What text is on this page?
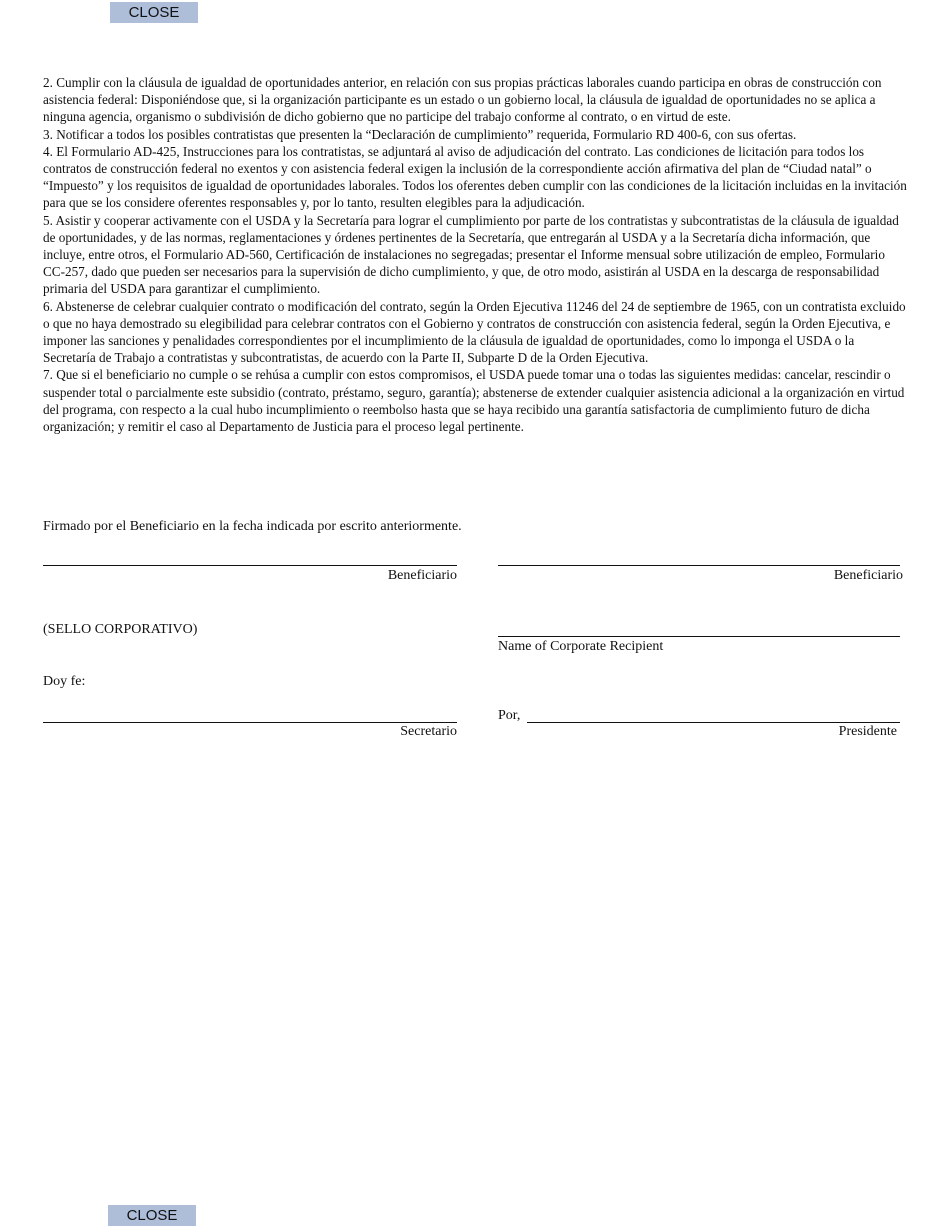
CLOSE

2. Cumplir con la cláusula de igualdad de oportunidades anterior, en relación con sus propias prácticas laborales cuando participa en obras de construcción con asistencia federal: Disponiéndose que, si la organización participante es un estado o un gobierno local, la cláusula de igualdad de oportunidades no se aplica a ninguna agencia, organismo o subdivisión de dicho gobierno que no participe del trabajo conforme al contrato, o en virtud de este.

3. Notificar a todos los posibles contratistas que presenten la “Declaración de cumplimiento” requerida, Formulario RD 400-6, con sus ofertas.

4. El Formulario AD-425, Instrucciones para los contratistas, se adjuntará al aviso de adjudicación del contrato. Las condiciones de licitación para todos los contratos de construcción federal no exentos y con asistencia federal exigen la inclusión de la correspondiente acción afirmativa del plan de “Ciudad natal” o “Impuesto” y los requisitos de igualdad de oportunidades laborales. Todos los oferentes deben cumplir con las condiciones de la licitación incluidas en la invitación para que se los considere oferentes responsables y, por lo tanto, resulten elegibles para la adjudicación.

5. Asistir y cooperar activamente con el USDA y la Secretaría para lograr el cumplimiento por parte de los contratistas y subcontratistas de la cláusula de igualdad de oportunidades, y de las normas, reglamentaciones y órdenes pertinentes de la Secretaría, que entregarán al USDA y a la Secretaría dicha información, que incluye, entre otros, el Formulario AD-560, Certificación de instalaciones no segregadas; presentar el Informe mensual sobre utilización de empleo, Formulario CC-257, dado que pueden ser necesarios para la supervisión de dicho cumplimiento, y que, de otro modo, asistirán al USDA en la descarga de responsabilidad primaria del USDA para garantizar el cumplimiento.

6. Abstenerse de celebrar cualquier contrato o modificación del contrato, según la Orden Ejecutiva 11246 del 24 de septiembre de 1965, con un contratista excluido o que no haya demostrado su elegibilidad para celebrar contratos con el Gobierno y contratos de construcción con asistencia federal, según la Orden Ejecutiva, e imponer las sanciones y penalidades correspondientes por el incumplimiento de la cláusula de igualdad de oportunidades, como lo imponga el USDA o la Secretaría de Trabajo a contratistas y subcontratistas, de acuerdo con la Parte II, Subparte D de la Orden Ejecutiva.

7. Que si el beneficiario no cumple o se rehúsa a cumplir con estos compromisos, el USDA puede tomar una o todas las siguientes medidas: cancelar, rescindir o suspender total o parcialmente este subsidio (contrato, préstamo, seguro, garantía); abstenerse de extender cualquier asistencia adicional a la organización en virtud del programa, con respecto a la cual hubo incumplimiento o reembolso hasta que se haya recibido una garantía satisfactoria de cumplimiento futuro de dicha organización; y remitir el caso al Departamento de Justicia para el proceso legal pertinente.

Firmado por el Beneficiario en la fecha indicada por escrito anteriormente.
Beneficiario	Beneficiario
(SELLO CORPORATIVO)
Name of Corporate Recipient
Doy fe:
Secretario
Por,
Presidente
CLOSE
